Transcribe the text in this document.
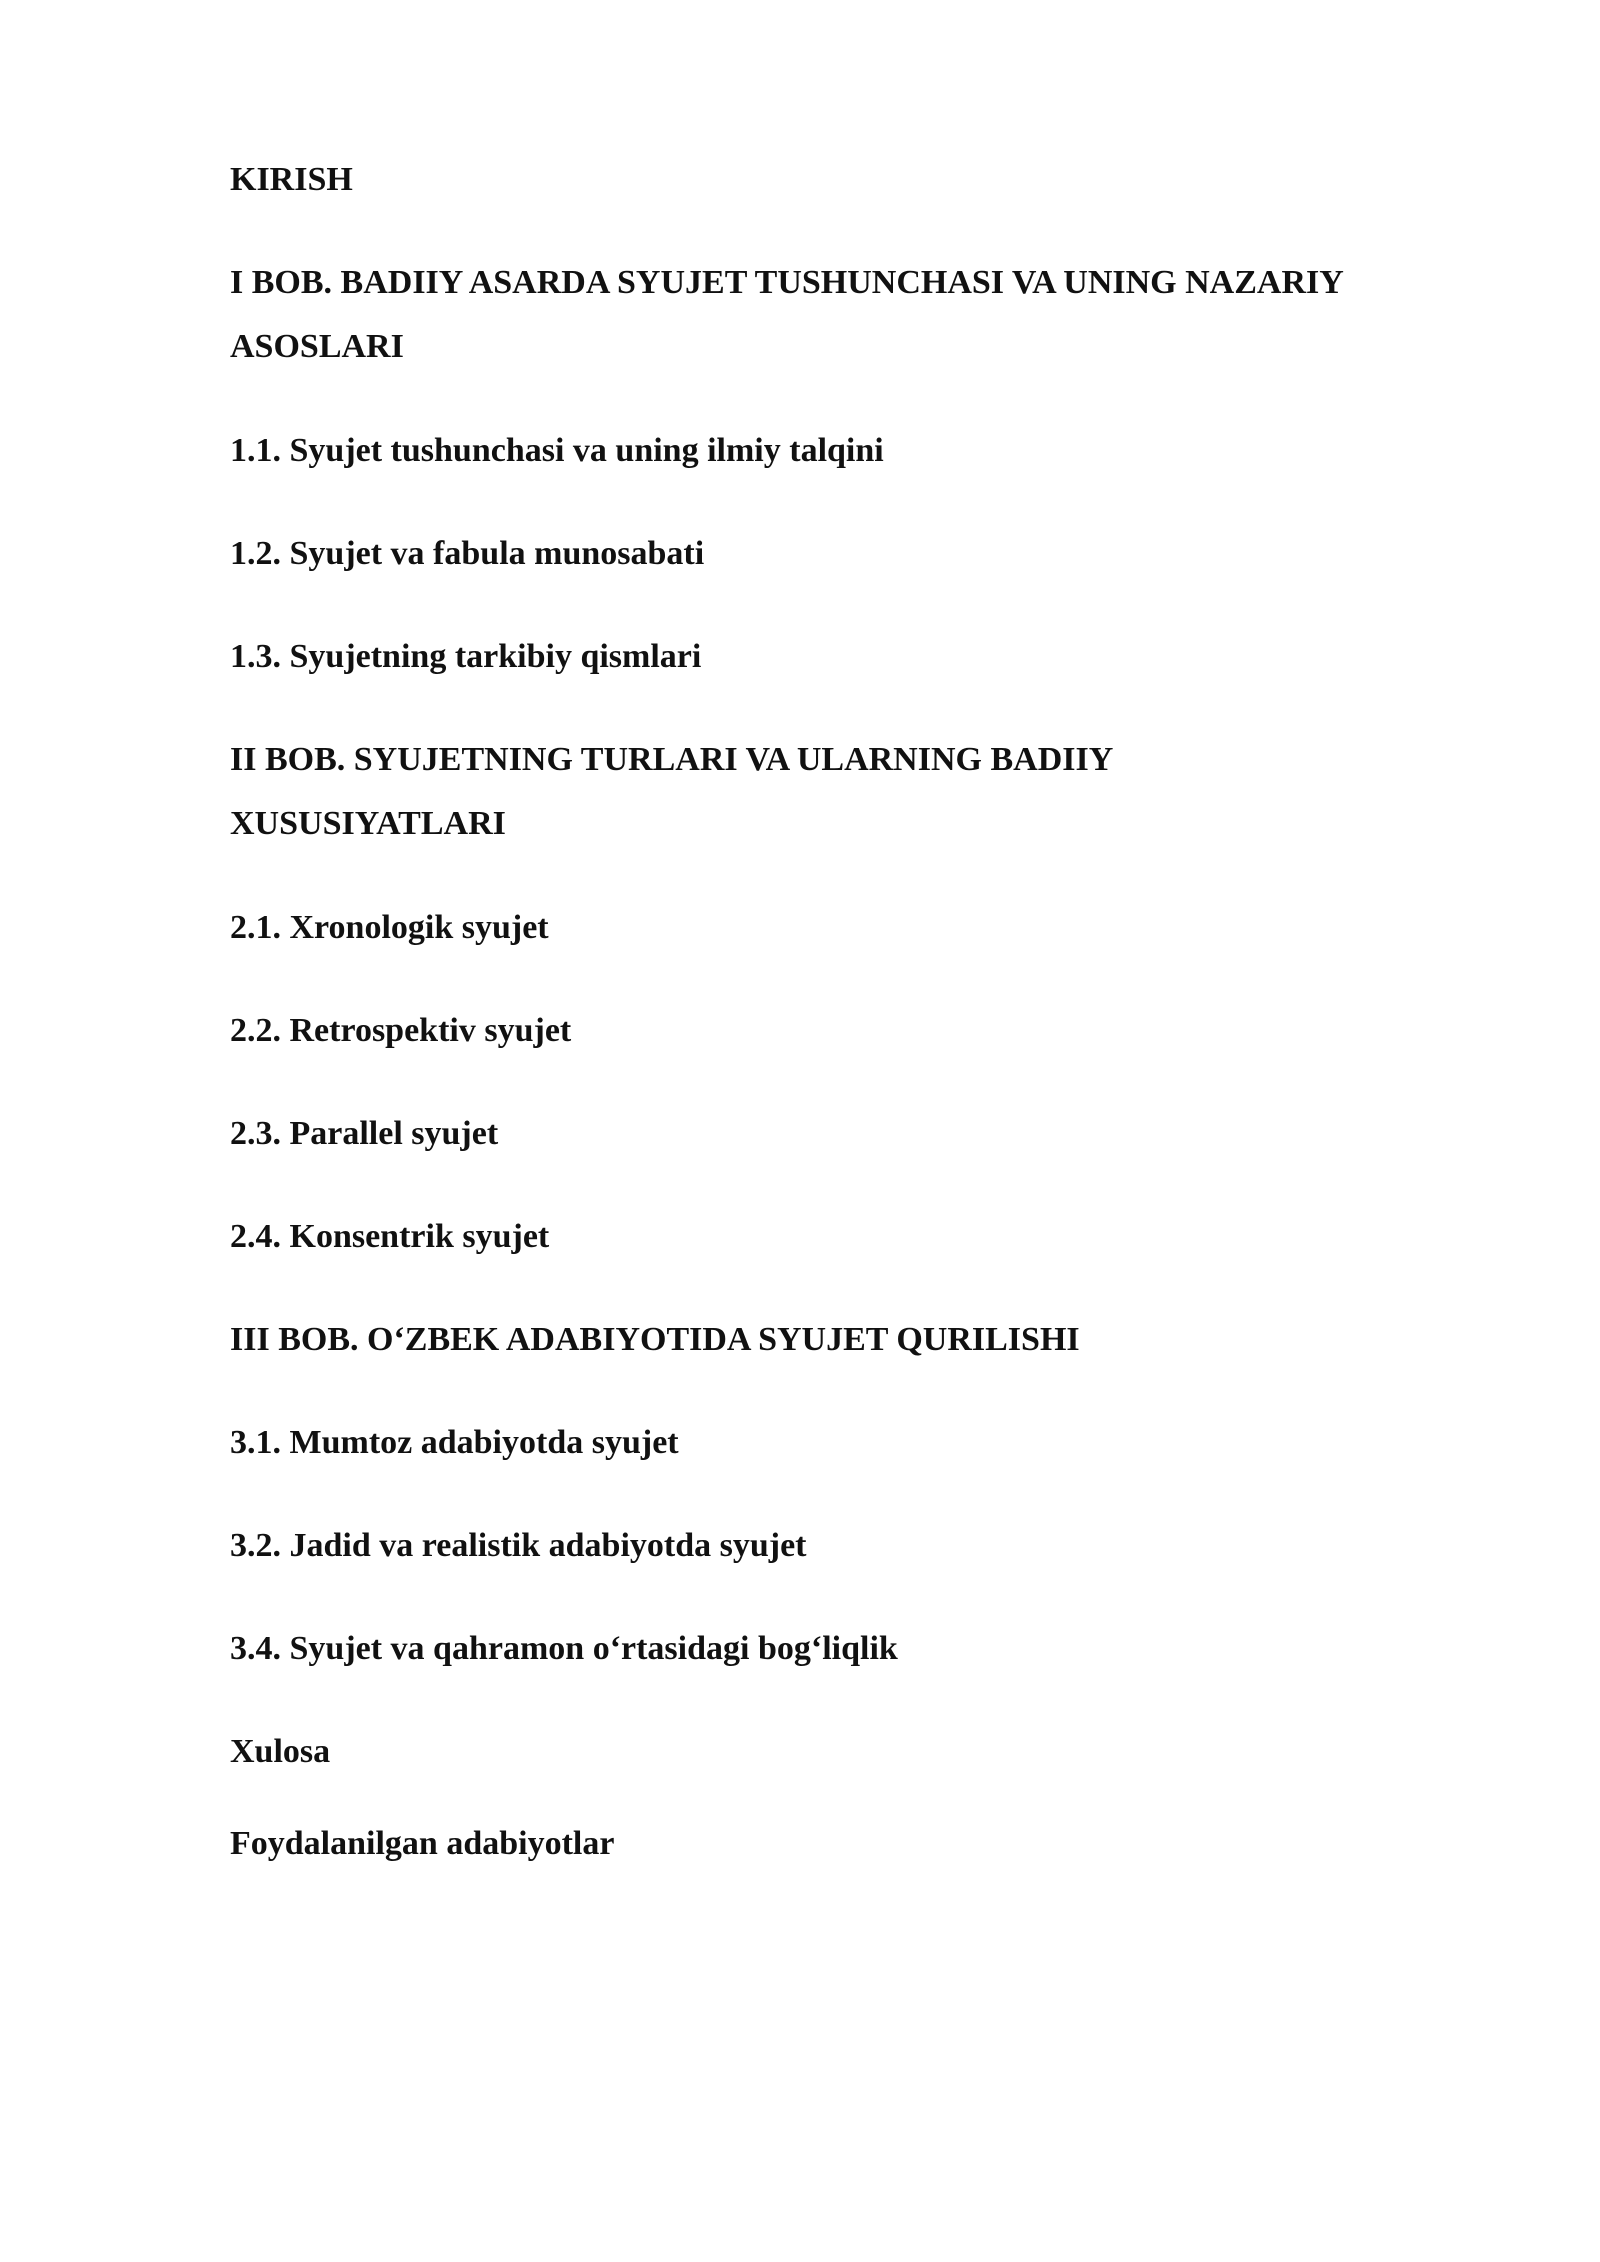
KIRISH

I BOB. BADIIY ASARDA SYUJET TUSHUNCHASI VA UNING NAZARIY ASOSLARI

1.1. Syujet tushunchasi va uning ilmiy talqini

1.2. Syujet va fabula munosabati

1.3. Syujetning tarkibiy qismlari

II BOB. SYUJETNING TURLARI VA ULARNING BADIIY XUSUSIYATLARI

2.1. Xronologik syujet

2.2. Retrospektiv syujet

2.3. Parallel syujet

2.4. Konsentrik syujet

III BOB. O‘ZBEK ADABIYOTIDA SYUJET QURILISHI

3.1. Mumtoz adabiyotda syujet

3.2. Jadid va realistik adabiyotda syujet

3.4. Syujet va qahramon o‘rtasidagi bog‘liqlik

Xulosa

Foydalanilgan adabiyotlar
